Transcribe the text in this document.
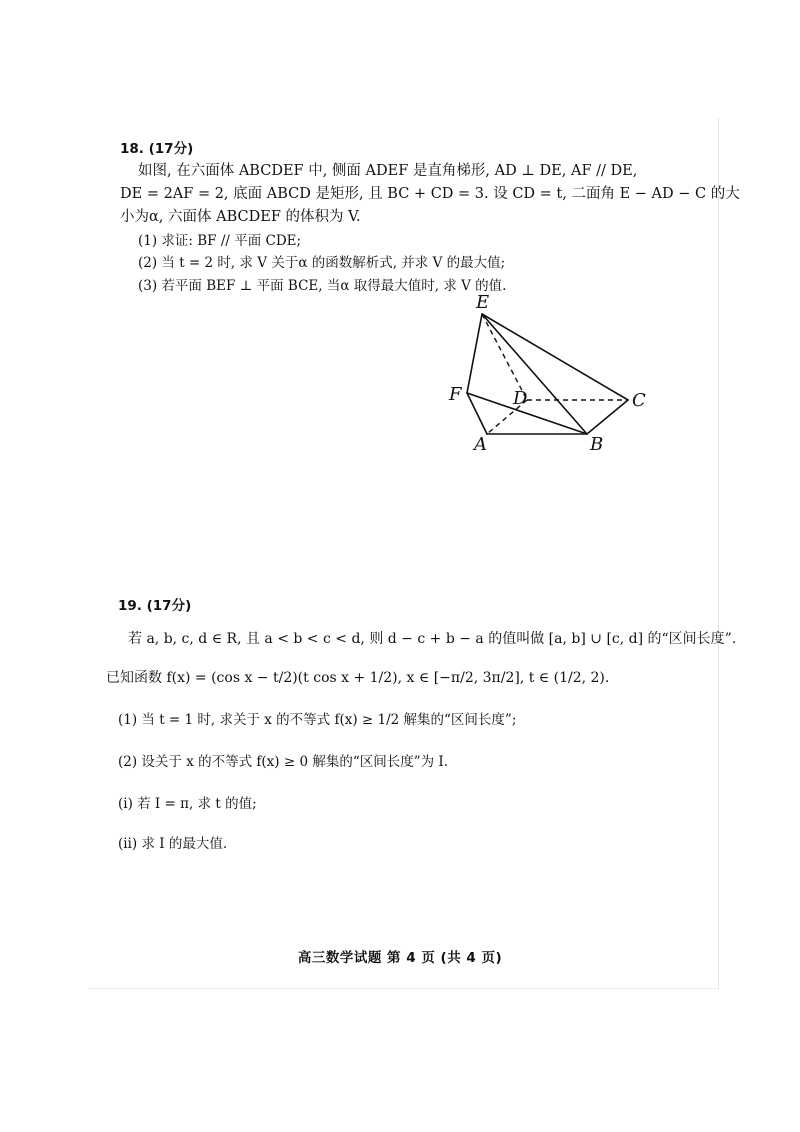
18. (17分)
如图, 在六面体 ABCDEF 中, 侧面 ADEF 是直角梯形, AD ⊥ DE, AF // DE,
DE = 2AF = 2, 底面 ABCD 是矩形, 且 BC + CD = 3. 设 CD = t, 二面角 E − AD − C 的大
小为α, 六面体 ABCDEF 的体积为 V.
(1) 求证: BF // 平面 CDE;
(2) 当 t = 2 时, 求 V 关于α 的函数解析式, 并求 V 的最大值;
(3) 若平面 BEF ⊥ 平面 BCE, 当α 取得最大值时, 求 V 的值.
E
F	D	C
A	B
19. (17分)
若 a, b, c, d ∈ R, 且 a < b < c < d, 则 d − c + b − a 的值叫做 [a, b] ∪ [c, d] 的“区间长度”.
已知函数 f(x) = (cos x − t/2)(t cos x + 1/2), x ∈ [−π/2, 3π/2], t ∈ (1/2, 2).
(1) 当 t = 1 时, 求关于 x 的不等式 f(x) ≥ 1/2 解集的“区间长度”;
(2) 设关于 x 的不等式 f(x) ≥ 0 解集的“区间长度”为 I.
(ⅰ) 若 I = π, 求 t 的值;
(ⅱ) 求 I 的最大值.
高三数学试题 第 4 页 (共 4 页)
